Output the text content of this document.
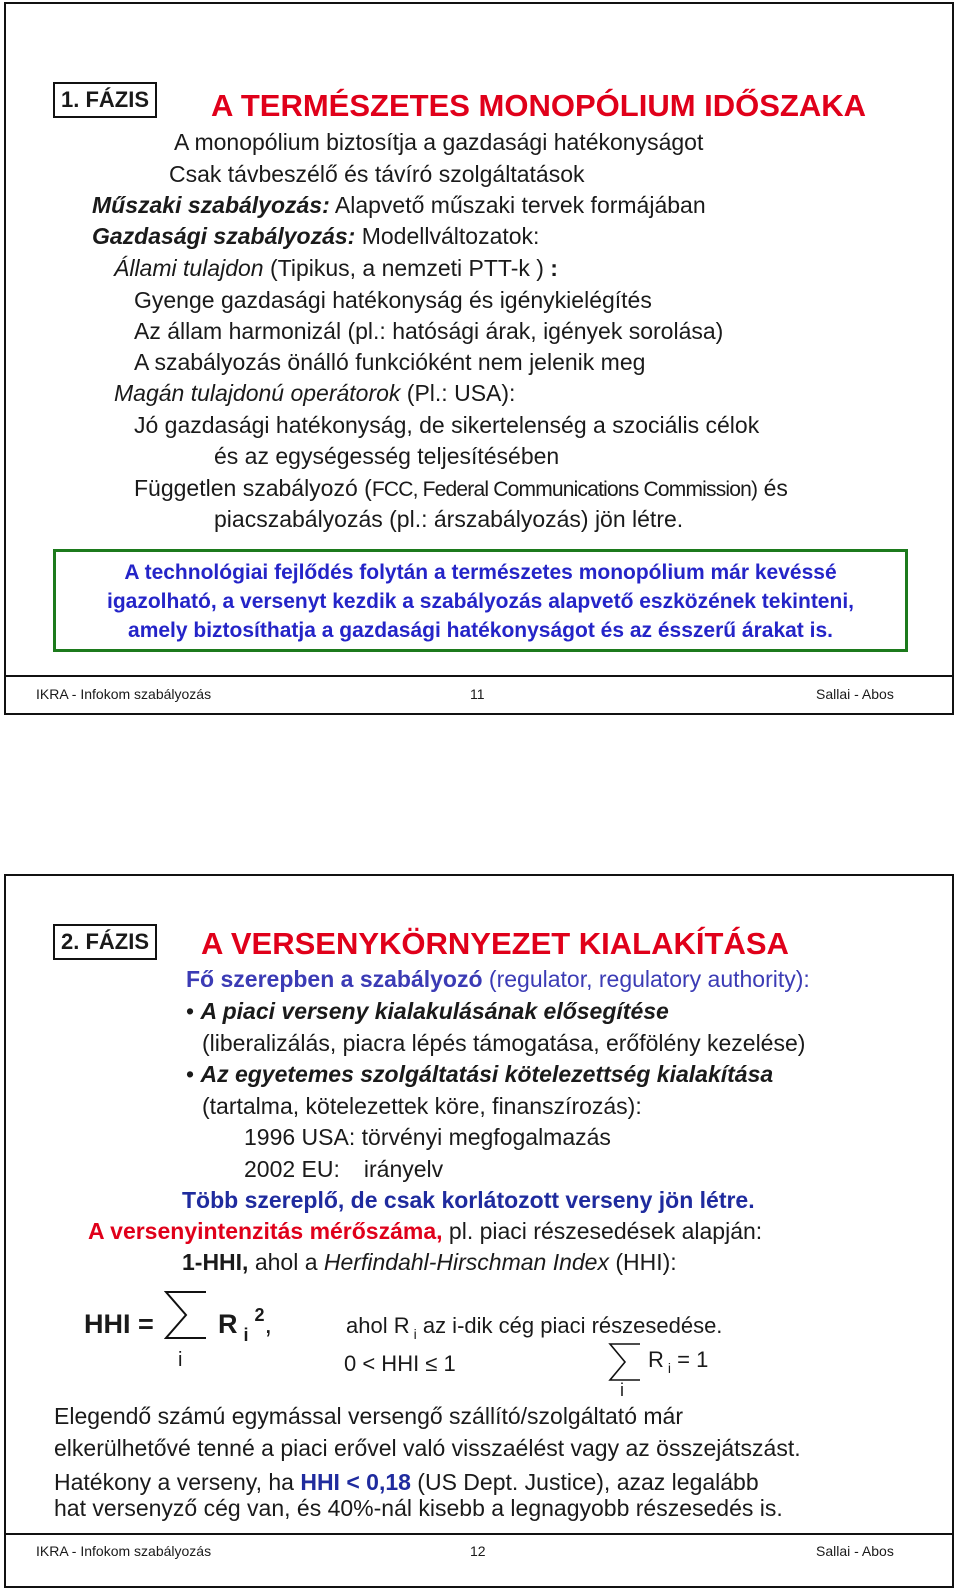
1. FÁZIS A TERMÉSZETES MONOPÓLIUM IDŐSZAKA
A monopólium biztosítja a gazdasági hatékonyságot
Csak távbeszélő és távíró szolgáltatások
Műszaki szabályozás: Alapvető műszaki tervek formájában
Gazdasági szabályozás: Modellváltozatok:
Állami tulajdon (Tipikus, a nemzeti PTT-k ) :
Gyenge gazdasági hatékonyság és igénykielégítés
Az állam harmonizál (pl.: hatósági árak, igények sorolása)
A szabályozás önálló funkcióként nem jelenik meg
Magán tulajdonú operátorok (Pl.: USA):
Jó gazdasági hatékonyság, de sikertelenség a szociális célok
és az egységesség teljesítésében
Független szabályozó (FCC, Federal Communications Commission) és
piacszabályozás (pl.: árszabályozás) jön létre.
A technológiai fejlődés folytán a természetes monopólium már kevéssé
igazolható, a versenyt kezdik a szabályozás alapvető eszközének tekinteni,
amely biztosíthatja a gazdasági hatékonyságot és az ésszerű árakat is.
IKRA - Infokom szabályozás	11	Sallai - Abos
2. FÁZIS A VERSENYKÖRNYEZET KIALAKÍTÁSA
Fő szerepben a szabályozó (regulator, regulatory authority):
• A piaci verseny kialakulásának elősegítése
(liberalizálás, piacra lépés támogatása, erőfölény kezelése)
• Az egyetemes szolgáltatási kötelezettség kialakítása
(tartalma, kötelezettek köre, finanszírozás):
1996 USA: törvényi megfogalmazás
2002 EU: irányelv
Több szereplő, de csak korlátozott verseny jön létre.
A versenyintenzitás mérőszáma, pl. piaci részesedések alapján:
1-HHI, ahol a Herfindahl-Hirschman Index (HHI):
HHI = R $_i^2$,
i
ahol R $_i$ az i-dik cég piaci részesedése.
0 < HHI ≤ 1	R $_i$ = 1
i
Elegendő számú egymással versengő szállító/szolgáltató már
elkerülhetővé tenné a piaci erővel való visszaélést vagy az összejátszást.
Hatékony a verseny, ha HHI < 0,18 (US Dept. Justice), azaz legalább
hat versenyző cég van, és 40%-nál kisebb a legnagyobb részesedés is.
IKRA - Infokom szabályozás	12	Sallai - Abos
